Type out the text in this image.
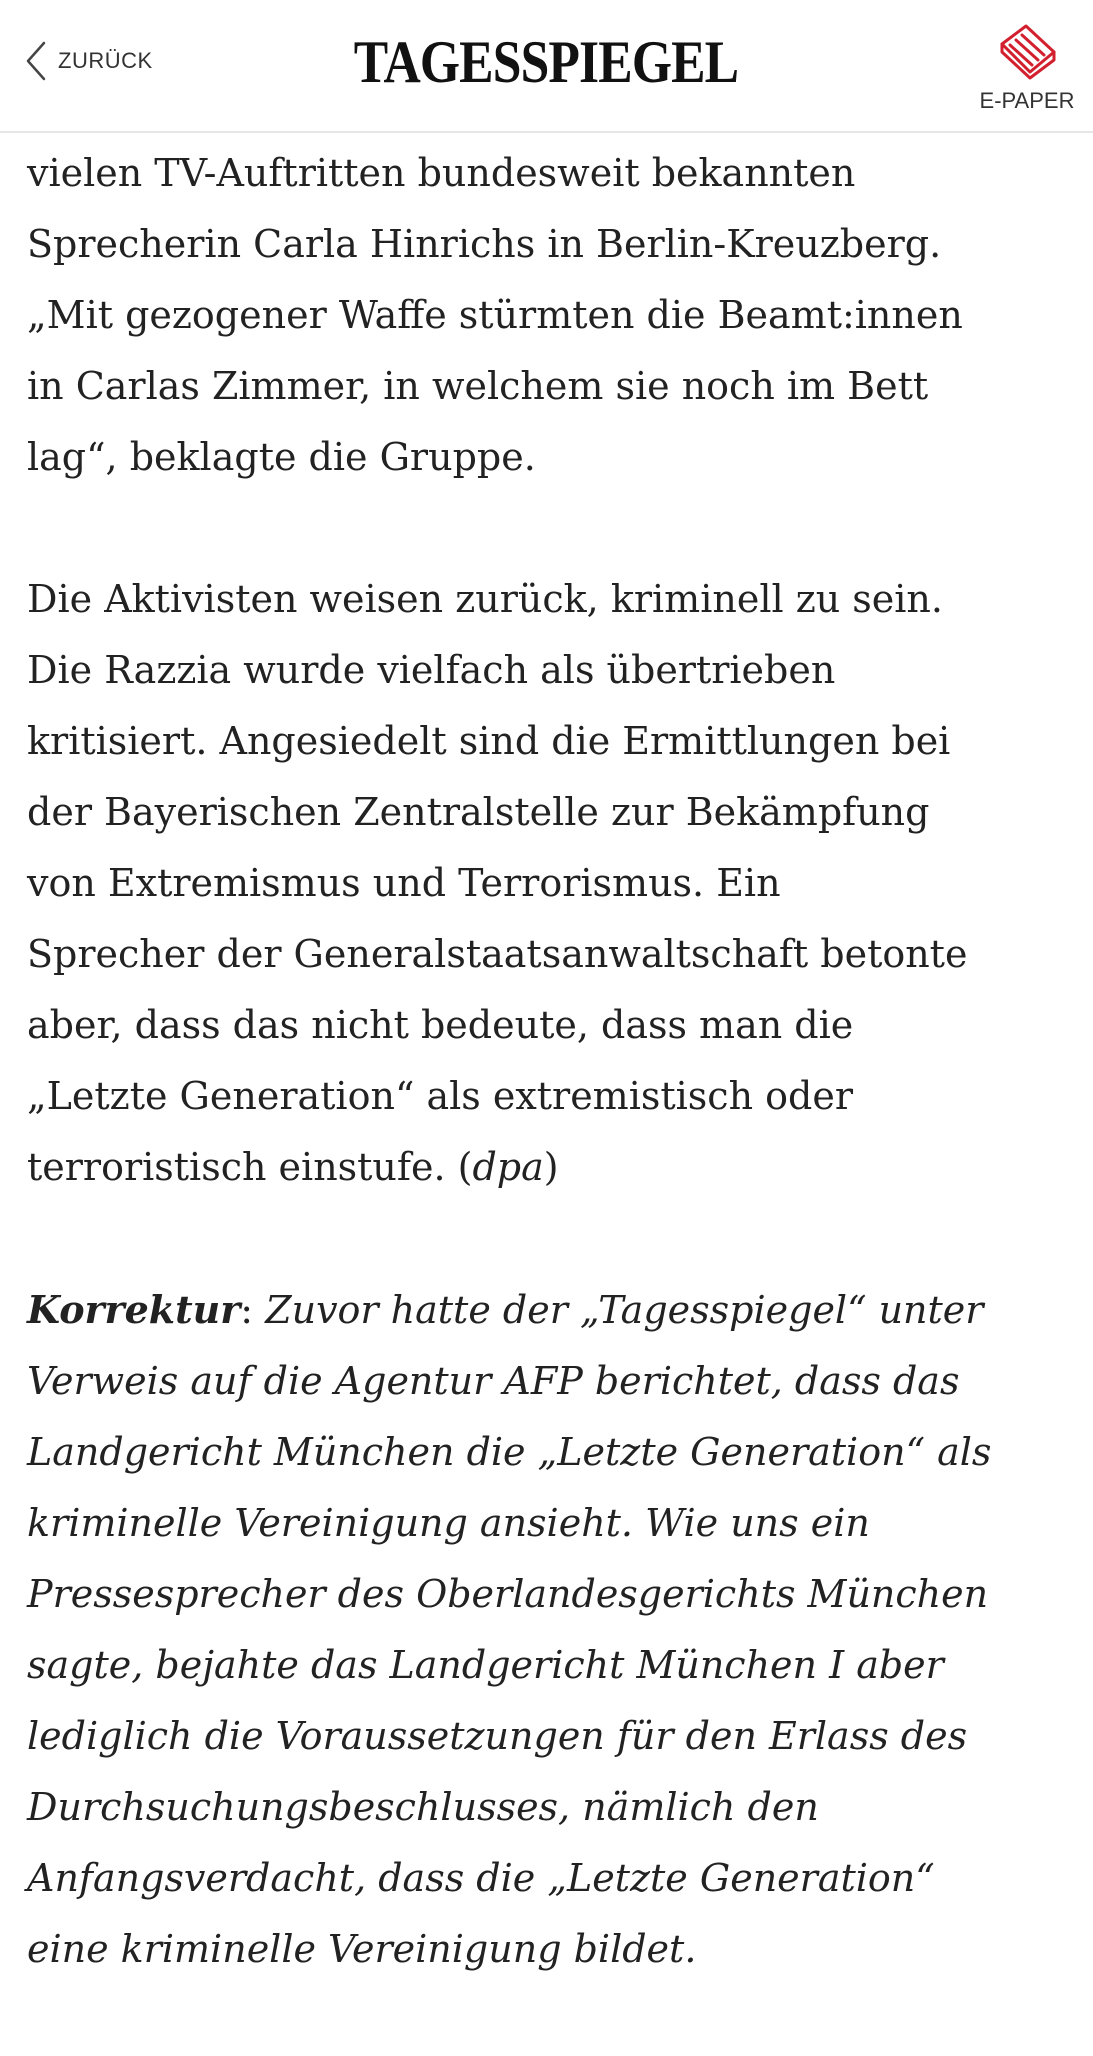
ZURÜCK	TAGESSPIEGEL
E-PAPER

vielen TV-Auftritten bundesweit bekannten
Sprecherin Carla Hinrichs in Berlin-Kreuzberg.
„Mit gezogener Waffe stürmten die Beamt:innen
in Carlas Zimmer, in welchem sie noch im Bett
lag“, beklagte die Gruppe.

Die Aktivisten weisen zurück, kriminell zu sein.
Die Razzia wurde vielfach als übertrieben
kritisiert. Angesiedelt sind die Ermittlungen bei
der Bayerischen Zentralstelle zur Bekämpfung
von Extremismus und Terrorismus. Ein
Sprecher der Generalstaatsanwaltschaft betonte
aber, dass das nicht bedeute, dass man die
„Letzte Generation“ als extremistisch oder
terroristisch einstufe. (dpa)

Korrektur: Zuvor hatte der „Tagesspiegel“ unter
Verweis auf die Agentur AFP berichtet, dass das
Landgericht München die „Letzte Generation“ als
kriminelle Vereinigung ansieht. Wie uns ein
Pressesprecher des Oberlandesgerichts München
sagte, bejahte das Landgericht München I aber
lediglich die Voraussetzungen für den Erlass des
Durchsuchungsbeschlusses, nämlich den
Anfangsverdacht, dass die „Letzte Generation“
eine kriminelle Vereinigung bildet.
